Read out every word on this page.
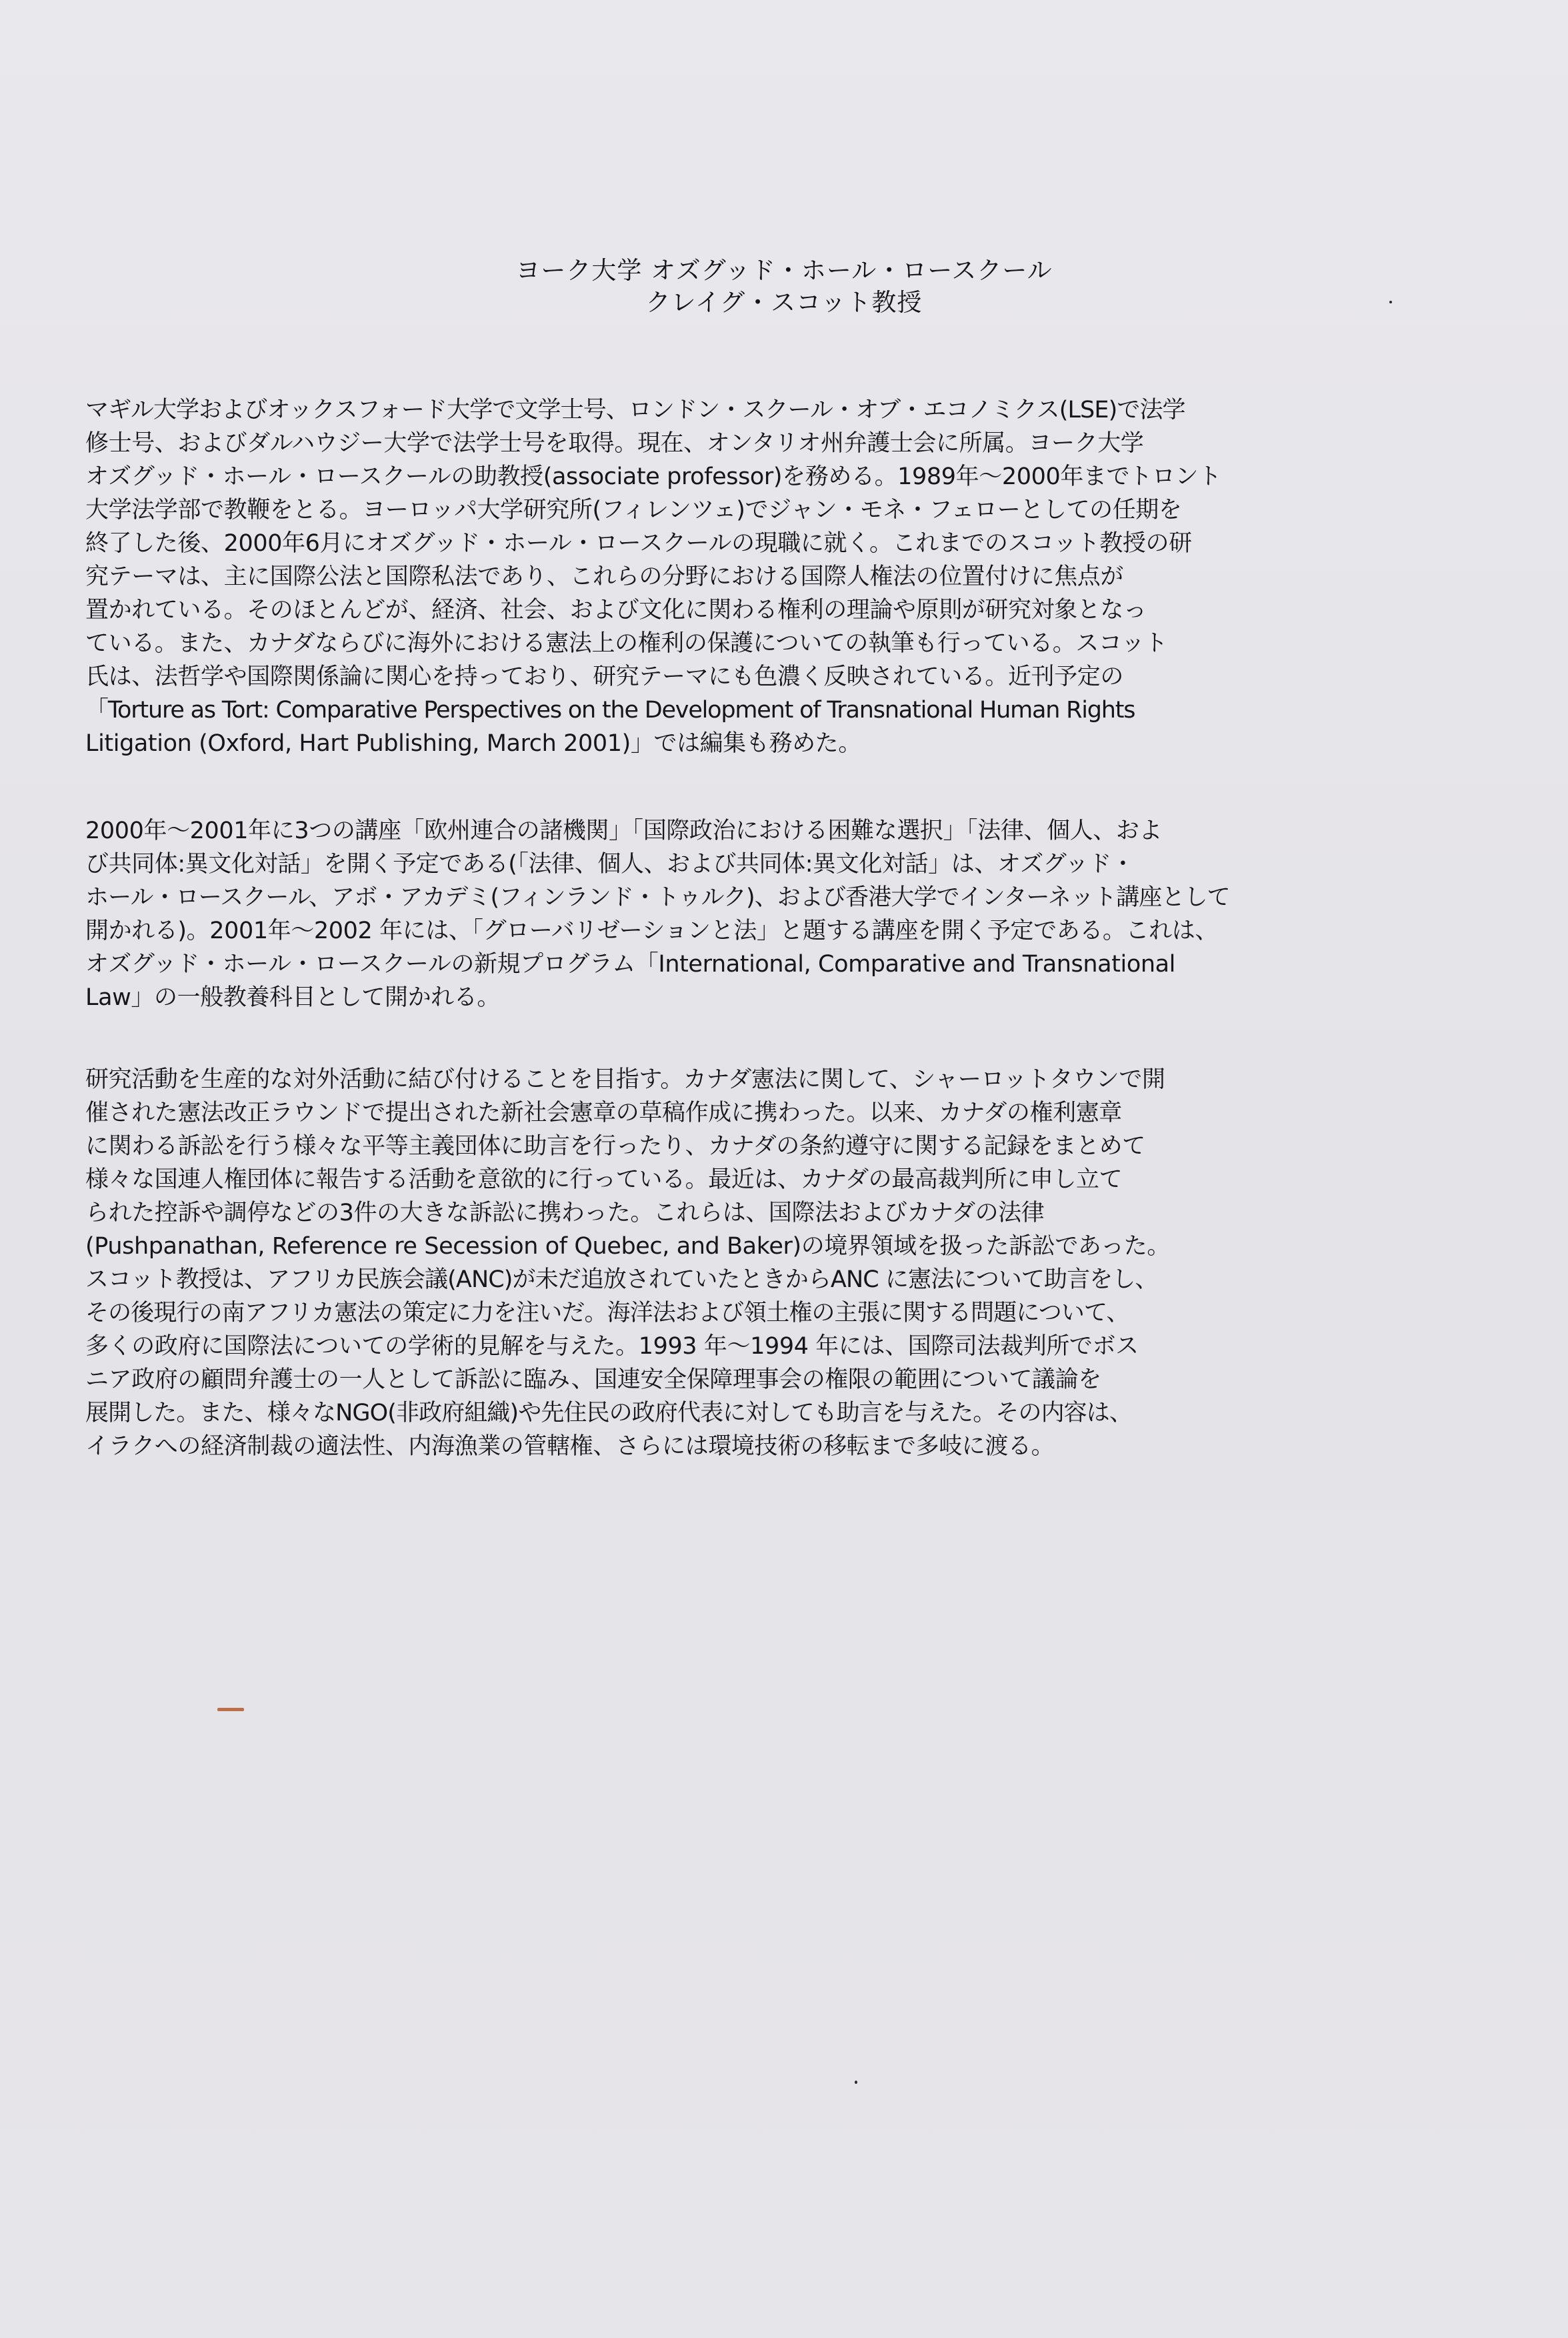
ヨーク大学 オズグッド・ホール・ロースクール
クレイグ・スコット教授
マギル大学およびオックスフォード大学で文学士号、ロンドン・スクール・オブ・エコノミクス(LSE)で法学
修士号、およびダルハウジー大学で法学士号を取得。現在、オンタリオ州弁護士会に所属。ヨーク大学
オズグッド・ホール・ロースクールの助教授(associate professor)を務める。1989年〜2000年までトロント
大学法学部で教鞭をとる。ヨーロッパ大学研究所(フィレンツェ)でジャン・モネ・フェローとしての任期を
終了した後、2000年6月にオズグッド・ホール・ロースクールの現職に就く。これまでのスコット教授の研
究テーマは、主に国際公法と国際私法であり、これらの分野における国際人権法の位置付けに焦点が
置かれている。そのほとんどが、経済、社会、および文化に関わる権利の理論や原則が研究対象となっ
ている。また、カナダならびに海外における憲法上の権利の保護についての執筆も行っている。スコット
氏は、法哲学や国際関係論に関心を持っており、研究テーマにも色濃く反映されている。近刊予定の
「Torture as Tort: Comparative Perspectives on the Development of Transnational Human Rights
Litigation (Oxford, Hart Publishing, March 2001)」では編集も務めた。
2000年〜2001年に3つの講座「欧州連合の諸機関」「国際政治における困難な選択」「法律、個人、およ
び共同体:異文化対話」を開く予定である(「法律、個人、および共同体:異文化対話」は、オズグッド・
ホール・ロースクール、アボ・アカデミ(フィンランド・トゥルク)、および香港大学でインターネット講座として
開かれる)。2001年〜2002 年には、「グローバリゼーションと法」と題する講座を開く予定である。これは、
オズグッド・ホール・ロースクールの新規プログラム「International, Comparative and Transnational
Law」の一般教養科目として開かれる。
研究活動を生産的な対外活動に結び付けることを目指す。カナダ憲法に関して、シャーロットタウンで開
催された憲法改正ラウンドで提出された新社会憲章の草稿作成に携わった。以来、カナダの権利憲章
に関わる訴訟を行う様々な平等主義団体に助言を行ったり、カナダの条約遵守に関する記録をまとめて
様々な国連人権団体に報告する活動を意欲的に行っている。最近は、カナダの最高裁判所に申し立て
られた控訴や調停などの3件の大きな訴訟に携わった。これらは、国際法およびカナダの法律
(Pushpanathan, Reference re Secession of Quebec, and Baker)の境界領域を扱った訴訟であった。
スコット教授は、アフリカ民族会議(ANC)が未だ追放されていたときからANC に憲法について助言をし、
その後現行の南アフリカ憲法の策定に力を注いだ。海洋法および領土権の主張に関する問題について、
多くの政府に国際法についての学術的見解を与えた。1993 年〜1994 年には、国際司法裁判所でボス
ニア政府の顧問弁護士の一人として訴訟に臨み、国連安全保障理事会の権限の範囲について議論を
展開した。また、様々なNGO(非政府組織)や先住民の政府代表に対しても助言を与えた。その内容は、
イラクへの経済制裁の適法性、内海漁業の管轄権、さらには環境技術の移転まで多岐に渡る。
